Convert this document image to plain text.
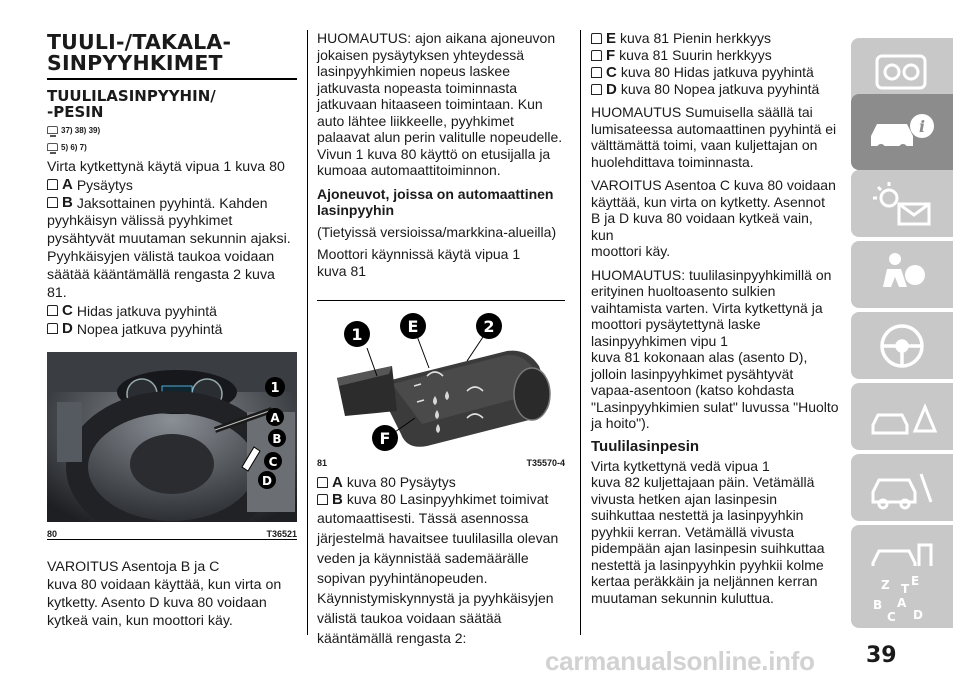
TUULI-/TAKALA-
SINPYYHKIMET
TUULILASINPYYHIN/
-PESIN
37) 38) 39)
5) 6) 7)

Virta kytkettynä käytä vipua 1 kuva 80

A Pysäytys
B Jaksottainen pyyhintä. Kahden
pyyhkäisyn välissä pyyhkimet
pysähtyvät muutaman sekunnin ajaksi.
Pyyhkäisyjen välistä taukoa voidaan
säätää kääntämällä rengasta 2 kuva 81.
C Hidas jatkuva pyyhintä
D Nopea jatkuva pyyhintä
1
A
B
C
D
80	T36521
VAROITUS Asentoja B ja C
kuva 80 voidaan käyttää, kun virta on
kytketty. Asento D kuva 80 voidaan
kytkeä vain, kun moottori käy.
HUOMAUTUS: ajon aikana ajoneuvon
jokaisen pysäytyksen yhteydessä
lasinpyyhkimien nopeus laskee
jatkuvasta nopeasta toiminnasta
jatkuvaan hitaaseen toimintaan. Kun
auto lähtee liikkeelle, pyyhkimet
palaavat alun perin valitulle nopeudelle.
Vivun 1 kuva 80 käyttö on etusijalla ja
kumoaa automaattitoiminnon.
Ajoneuvot, joissa on automaattinen
lasinpyyhin
(Tietyissä versioissa/markkina-alueilla)
Moottori käynnissä käytä vipua 1
kuva 81
1	E	2
F
81	T35570-4
A kuva 80 Pysäytys
B kuva 80 Lasinpyyhkimet toimivat
automaattisesti. Tässä asennossa
järjestelmä havaitsee tuulilasilla olevan
veden ja käynnistää sademäärälle
sopivan pyyhintänopeuden.
Käynnistymiskynnystä ja pyyhkäisyjen
välistä taukoa voidaan säätää
kääntämällä rengasta 2:
E kuva 81 Pienin herkkyys
F kuva 81 Suurin herkkyys
C kuva 80 Hidas jatkuva pyyhintä
D kuva 80 Nopea jatkuva pyyhintä
HUOMAUTUS Sumuisella säällä tai
lumisateessa automaattinen pyyhintä ei
välttämättä toimi, vaan kuljettajan on
huolehdittava toiminnasta.
VAROITUS Asentoa C kuva 80 voidaan
käyttää, kun virta on kytketty. Asennot
B ja D kuva 80 voidaan kytkeä vain, kun
moottori käy.
HUOMAUTUS: tuulilasinpyyhkimillä on
erityinen huoltoasento sulkien
vaihtamista varten. Virta kytkettynä ja
moottori pysäytettynä laske
lasinpyyhkimen vipu 1
kuva 81 kokonaan alas (asento D),
jolloin lasinpyyhkimet pysähtyvät
vapaa-asentoon (katso kohdasta
"Lasinpyyhkimien sulat" luvussa "Huolto
ja hoito").
Tuulilasinpesin
Virta kytkettynä vedä vipua 1
kuva 82 kuljettajaan päin. Vetämällä
vivusta hetken ajan lasinpesin
suihkuttaa nestettä ja lasinpyyhkin
pyyhkii kerran. Vetämällä vivusta
pidempään ajan lasinpesin suihkuttaa
nestettä ja lasinpyyhkin pyyhkii kolme
kertaa peräkkäin ja neljännen kerran
muutaman sekunnin kuluttua.
i
Z E
B A
C D
T
39
carmanualsonline.info
